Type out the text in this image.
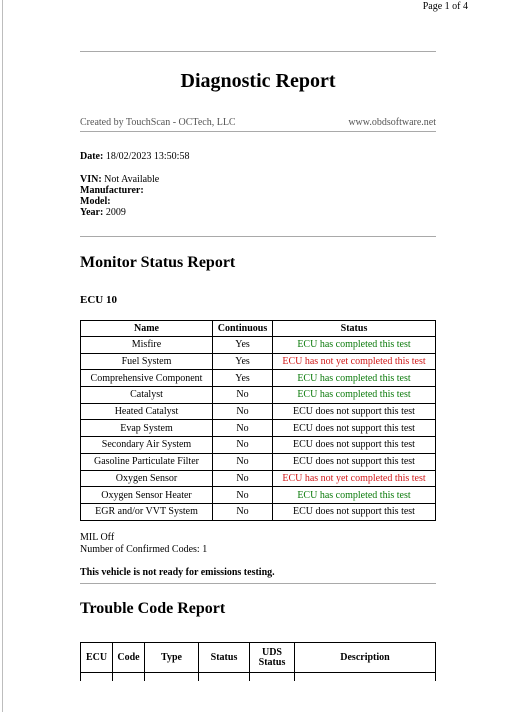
Page 1 of 4
Diagnostic Report
Created by TouchScan - OCTech, LLC	www.obdsoftware.net
Date: 18/02/2023 13:50:58
VIN: Not Available
Manufacturer:
Model:
Year: 2009
Monitor Status Report
ECU 10
Name	Continuous	Status
Misfire	Yes	ECU has completed this test
Fuel System	Yes	ECU has not yet completed this test
Comprehensive Component	Yes	ECU has completed this test
Catalyst	No	ECU has completed this test
Heated Catalyst	No	ECU does not support this test
Evap System	No	ECU does not support this test
Secondary Air System	No	ECU does not support this test
Gasoline Particulate Filter	No	ECU does not support this test
Oxygen Sensor	No	ECU has not yet completed this test
Oxygen Sensor Heater	No	ECU has completed this test
EGR and/or VVT System	No	ECU does not support this test
MIL Off
Number of Confirmed Codes: 1
This vehicle is not ready for emissions testing.
Trouble Code Report
ECU	Code	Type	Status	UDS Status	Description
